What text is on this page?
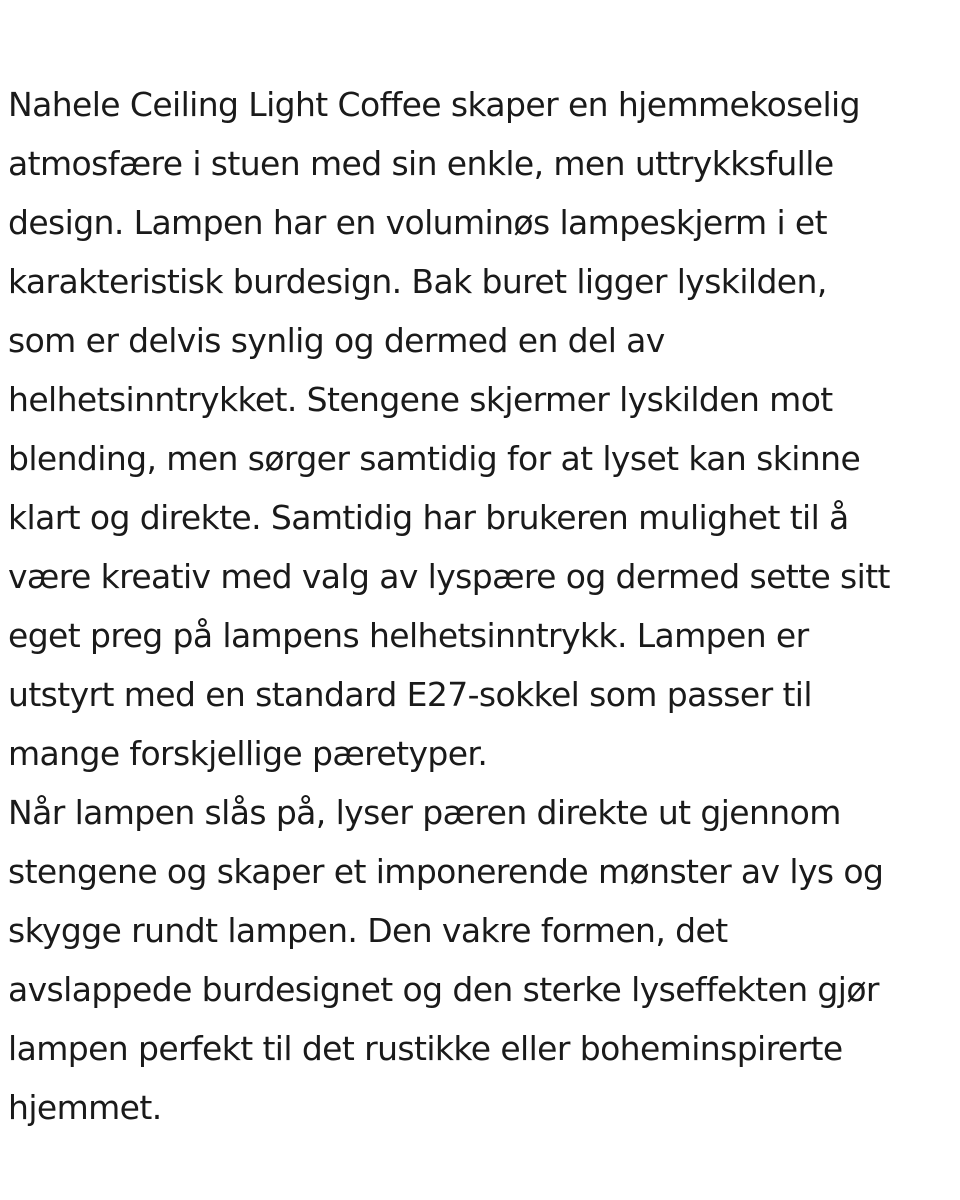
Nahele Ceiling Light Coffee skaper en hjemmekoselig
atmosfære i stuen med sin enkle, men uttrykksfulle
design. Lampen har en voluminøs lampeskjerm i et
karakteristisk burdesign. Bak buret ligger lyskilden,
som er delvis synlig og dermed en del av
helhetsinntrykket. Stengene skjermer lyskilden mot
blending, men sørger samtidig for at lyset kan skinne
klart og direkte. Samtidig har brukeren mulighet til å
være kreativ med valg av lyspære og dermed sette sitt
eget preg på lampens helhetsinntrykk. Lampen er
utstyrt med en standard E27-sokkel som passer til
mange forskjellige pæretyper.
Når lampen slås på, lyser pæren direkte ut gjennom
stengene og skaper et imponerende mønster av lys og
skygge rundt lampen. Den vakre formen, det
avslappede burdesignet og den sterke lyseffekten gjør
lampen perfekt til det rustikke eller boheminspirerte
hjemmet.
